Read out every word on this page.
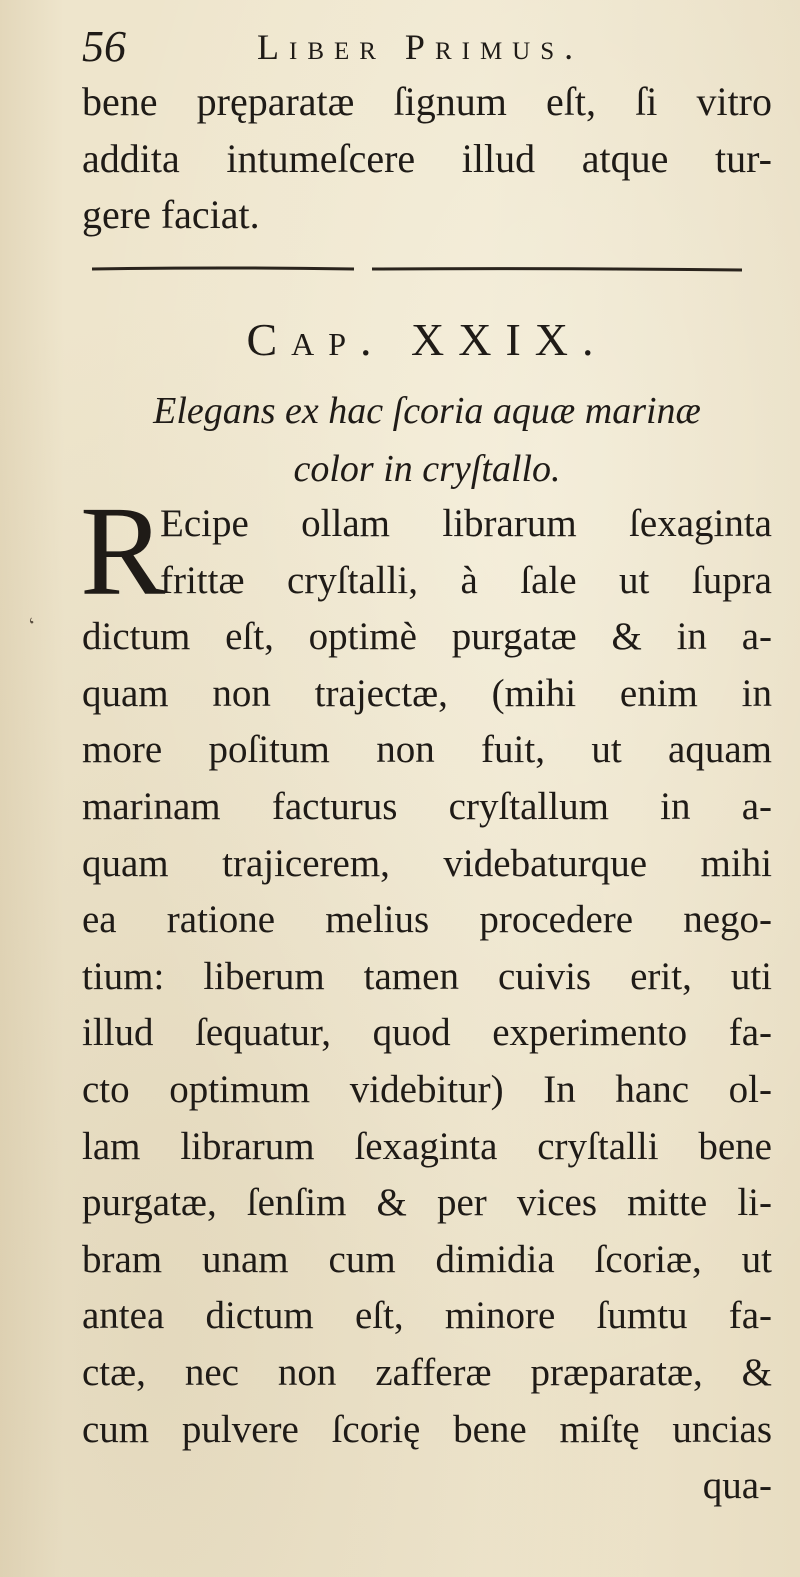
56	Liber Primus.
bene pręparatæ ſignum eſt, ſi vitro
addita intumeſcere illud atque tur-
gere faciat.
Cap. XXIX.
Elegans ex hac ſcoria aquæ marinæ
color in cryſtallo.
R
ʻ
Ecipe ollam librarum ſexaginta
frittæ cryſtalli, à ſale ut ſupra
dictum eſt, optimè purgatæ & in a-
quam non trajectæ, (mihi enim in
more poſitum non fuit, ut aquam
marinam facturus cryſtallum in a-
quam trajicerem, videbaturque mihi
ea ratione melius procedere nego-
tium: liberum tamen cuivis erit, uti
illud ſequatur, quod experimento fa-
cto optimum videbitur) In hanc ol-
lam librarum ſexaginta cryſtalli bene
purgatæ, ſenſim & per vices mitte li-
bram unam cum dimidia ſcoriæ, ut
antea dictum eſt, minore ſumtu fa-
ctæ, nec non zafferæ præparatæ, &
cum pulvere ſcorię bene miſtę uncias
qua-
